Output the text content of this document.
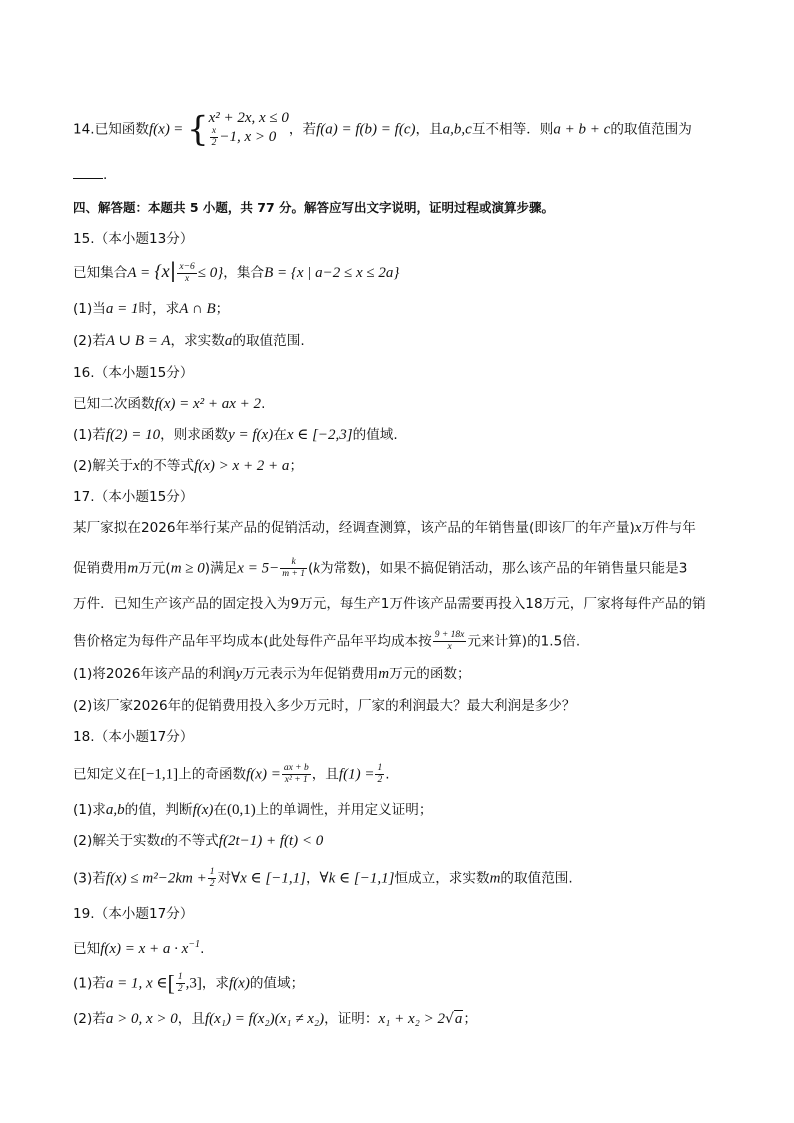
14.已知函数f(x) = { x² + 2x, x ≤ 0
$\frac{x}{2} -1$, x > 0 ，若f(a) = f(b) = f(c)，且a,b,c互不相等．则a + b + c的取值范围为
.
四、解答题：本题共 5 小题，共 77 分。解答应写出文字说明，证明过程或演算步骤。
15.（本小题13分）
已知集合$A = \{x| \frac{x-6}{x} \le 0\}$，集合B = {x | a−2 ≤ x ≤ 2a}
(1)当a = 1时，求A ∩ B；
(2)若A ∪ B = A，求实数a的取值范围.
16.（本小题15分）
已知二次函数f(x) = x² + ax + 2.
(1)若f(2) = 10，则求函数y = f(x)在x ∈ [−2,3]的值域.
(2)解关于x的不等式f(x) > x + 2 + a；
17.（本小题15分）
某厂家拟在2026年举行某产品的促销活动，经调查测算，该产品的年销售量(即该厂的年产量)x万件与年
促销费用m万元(m ≥ 0)满足$x = 5- \frac{k}{m + 1} (k$为常数)，如果不搞促销活动，那么该产品的年销售量只能是3
万件．已知生产该产品的固定投入为9万元，每生产1万件该产品需要再投入18万元，厂家将每件产品的销
售价格定为每件产品年平均成本(此处每件产品年平均成本按 $\frac{9 + 18x}{x}$ 元来计算)的1.5倍.
(1)将2026年该产品的利润y万元表示为年促销费用m万元的函数；
(2)该厂家2026年的促销费用投入多少万元时，厂家的利润最大？最大利润是多少？
18.（本小题17分）
已知定义在[−1,1]上的奇函数$f(x) = \frac{ax + b}{\text{x² + 1}}$ ，且$f(1) = \frac{1}{2}$ .
(1)求a,b的值，判断f(x)在(0,1)上的单调性，并用定义证明；
(2)解关于实数t的不等式f(2t−1) + f(t) < 0
(3)若$f(x) \le m^2-2km + \frac{1}{2}$ 对∀x ∈ [−1,1]，∀k ∈ [−1,1]恒成立，求实数m的取值范围.
19.（本小题17分）
已知$f(x) = x + a \cdot x^{-1}$.
(1)若a = 1, x ∈[ $\frac{1}{2} ,3$]，求f(x)的值域；
(2)若a > 0, x > 0，且f(x₁) = f(x₂)(x₁ ≠ x₂)，证明：x₁ + x₂ > 2√a；
